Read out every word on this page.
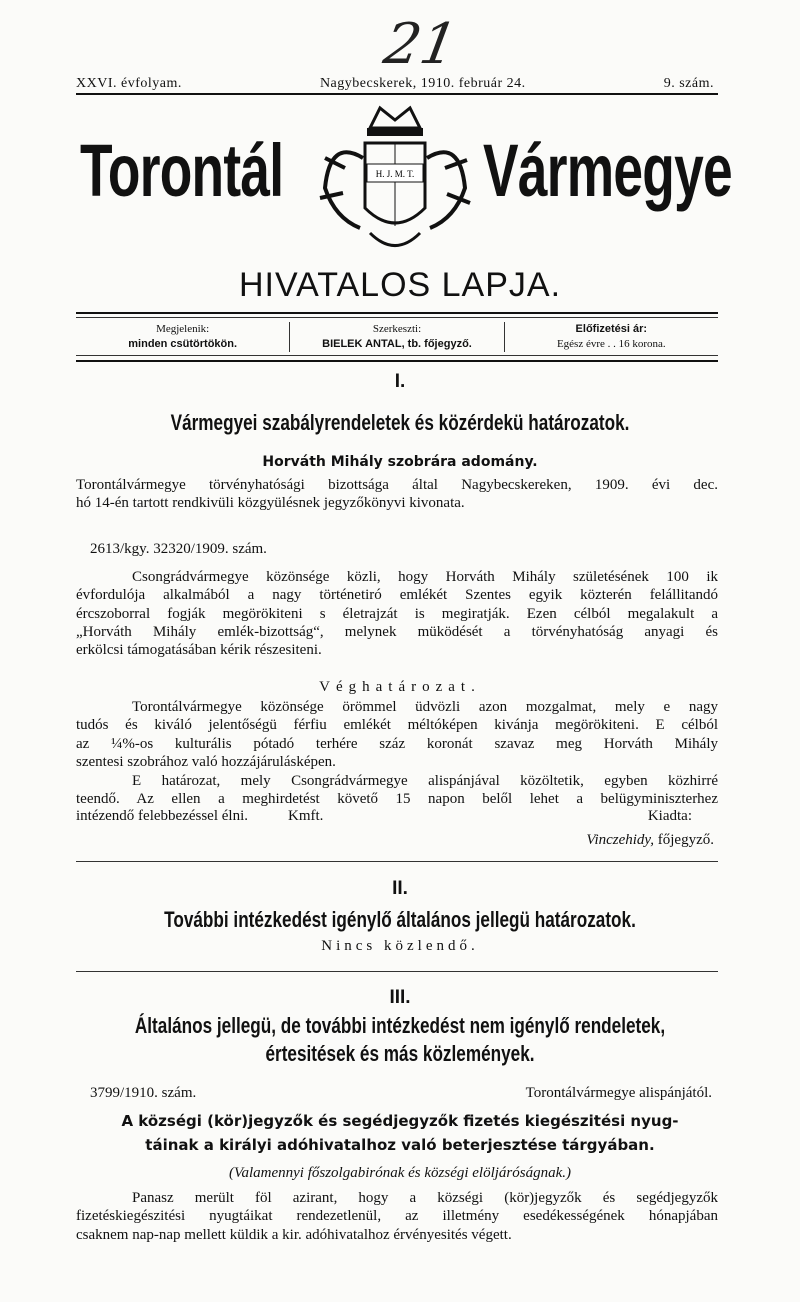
21
XXVI. évfolyam.	Nagybecskerek, 1910. február 24.	9. szám.
Torontál	Vármegye
H. J. M. T.
HIVATALOS LAPJA.
Megjelenik:
minden csütörtökön.
Szerkeszti:
BIELEK ANTAL, tb. főjegyző.
Előfizetési ár:
Egész évre . . 16 korona.
I.
Vármegyei szabályrendeletek és közérdekü határozatok.
Horváth Mihály szobrára adomány.
Torontálvármegye törvényhatósági bizottsága által Nagybecskereken, 1909. évi dec.
hó 14-én tartott rendkivüli közgyülésnek jegyzőkönyvi kivonata.
2613/kgy. 32320/1909. szám.
Csongrádvármegye közönsége közli, hogy Horváth Mihály születésének 100 ik
évfordulója alkalmából a nagy történetiró emlékét Szentes egyik közterén felállitandó
ércszoborral fogják megörökiteni s életrajzát is megiratják. Ezen célból megalakult a
„Horváth Mihály emlék-bizottság“, melynek müködését a törvényhatóság anyagi és
erkölcsi támogatásában kérik részesiteni.
Véghatározat.
Torontálvármegye közönsége örömmel üdvözli azon mozgalmat, mely e nagy
tudós és kiváló jelentőségü férfiu emlékét méltóképen kivánja megörökiteni. E célból
az ¼%-os kulturális pótadó terhére száz koronát szavaz meg Horváth Mihály
szentesi szobrához való hozzájárulásképen.
E határozat, mely Csongrádvármegye alispánjával közöltetik, egyben közhirré
teendő. Az ellen a meghirdetést követő 15 napon belől lehet a belügyminiszterhez
intézendő felebbezéssel élni.	Kmft.	Kiadta:
Vinczehidy, főjegyző.
II.
További intézkedést igénylő általános jellegü határozatok.
Nincs közlendő.
III.
Általános jellegü, de további intézkedést nem igénylő rendeletek,
értesitések és más közlemények.
3799/1910. szám.	Torontálvármegye alispánjától.
A községi (kör)jegyzők és segédjegyzők fizetés kiegészitési nyug-
táinak a királyi adóhivatalhoz való beterjesztése tárgyában.
(Valamennyi főszolgabirónak és községi elöljáróságnak.)
Panasz merült föl azirant, hogy a községi (kör)jegyzők és segédjegyzők
fizetéskiegészitési nyugtáikat rendezetlenül, az illetmény esedékességének hónapjában
csaknem nap-nap mellett küldik a kir. adóhivatalhoz érvényesités végett.
